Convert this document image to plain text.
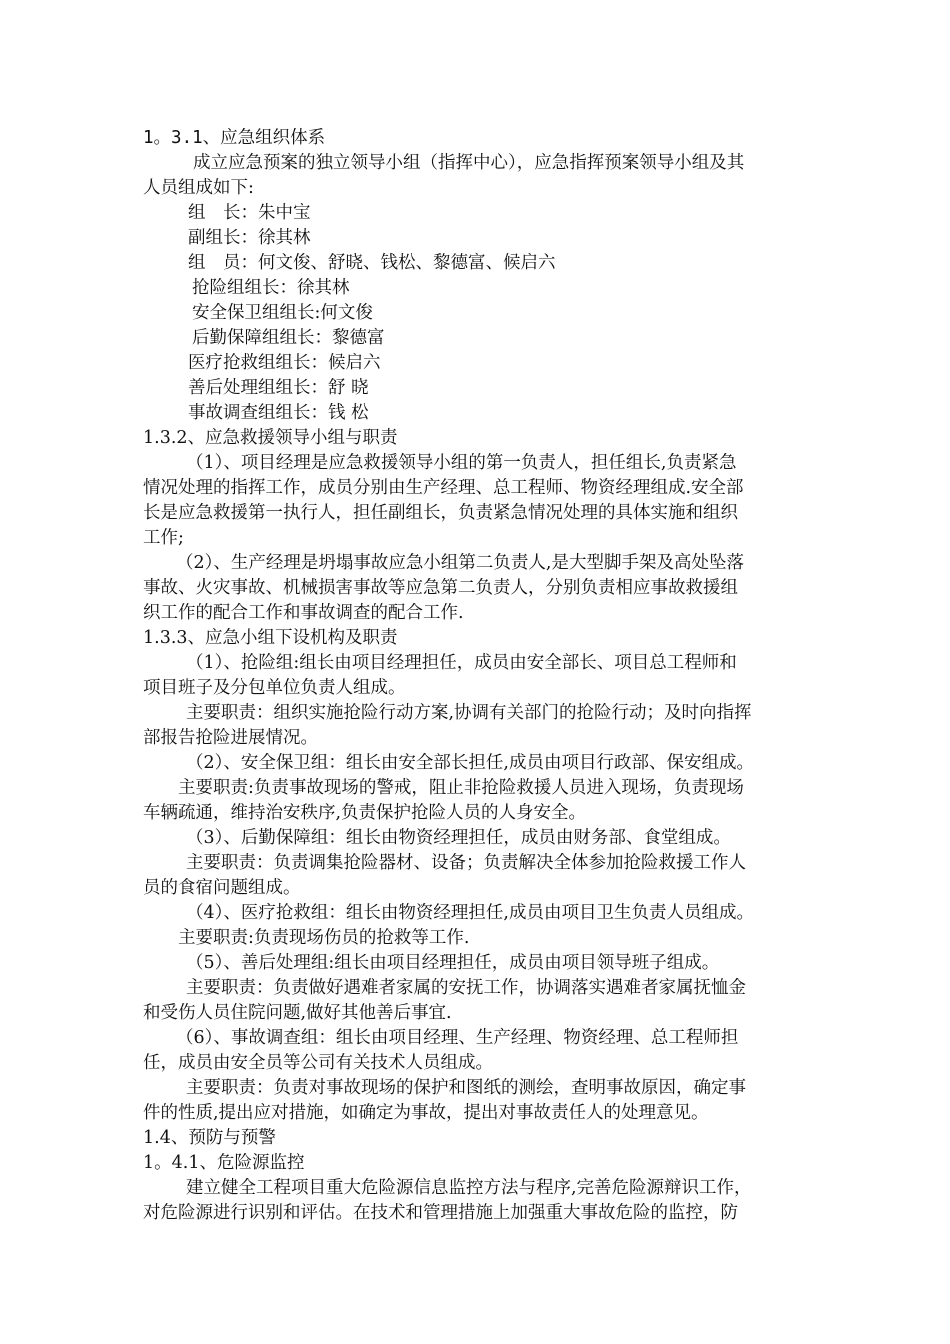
1。3.1、应急组织体系
成立应急预案的独立领导小组（指挥中心），应急指挥预案领导小组及其
人员组成如下:
组　长：朱中宝
副组长：徐其林
组　员：何文俊、舒晓、钱松、黎德富、候启六
抢险组组长：徐其林
安全保卫组组长:何文俊
后勤保障组组长：黎德富
医疗抢救组组长：候启六
善后处理组组长：舒 晓
事故调查组组长：钱 松
1.3.2、应急救援领导小组与职责
（1）、项目经理是应急救援领导小组的第一负责人，担任组长,负责紧急
情况处理的指挥工作，成员分别由生产经理、总工程师、物资经理组成.安全部
长是应急救援第一执行人，担任副组长，负责紧急情况处理的具体实施和组织
工作;
（2）、生产经理是坍塌事故应急小组第二负责人,是大型脚手架及高处坠落
事故、火灾事故、机械损害事故等应急第二负责人，分别负责相应事故救援组
织工作的配合工作和事故调查的配合工作.
1.3.3、应急小组下设机构及职责
（1）、抢险组:组长由项目经理担任，成员由安全部长、项目总工程师和
项目班子及分包单位负责人组成。
主要职责：组织实施抢险行动方案,协调有关部门的抢险行动；及时向指挥
部报告抢险进展情况。
（2）、安全保卫组：组长由安全部长担任,成员由项目行政部、保安组成。
主要职责:负责事故现场的警戒，阻止非抢险救援人员进入现场，负责现场
车辆疏通，维持治安秩序,负责保护抢险人员的人身安全。
（3）、后勤保障组：组长由物资经理担任，成员由财务部、食堂组成。
主要职责：负责调集抢险器材、设备；负责解决全体参加抢险救援工作人
员的食宿问题组成。
（4）、医疗抢救组：组长由物资经理担任,成员由项目卫生负责人员组成。
主要职责:负责现场伤员的抢救等工作.
（5）、善后处理组:组长由项目经理担任，成员由项目领导班子组成。
主要职责：负责做好遇难者家属的安抚工作，协调落实遇难者家属抚恤金
和受伤人员住院问题,做好其他善后事宜.
（6）、事故调查组：组长由项目经理、生产经理、物资经理、总工程师担
任，成员由安全员等公司有关技术人员组成。
主要职责：负责对事故现场的保护和图纸的测绘，查明事故原因，确定事
件的性质,提出应对措施，如确定为事故，提出对事故责任人的处理意见。
1.4、预防与预警
1。4.1、危险源监控
建立健全工程项目重大危险源信息监控方法与程序,完善危险源辩识工作，
对危险源进行识别和评估。在技术和管理措施上加强重大事故危险的监控，防
